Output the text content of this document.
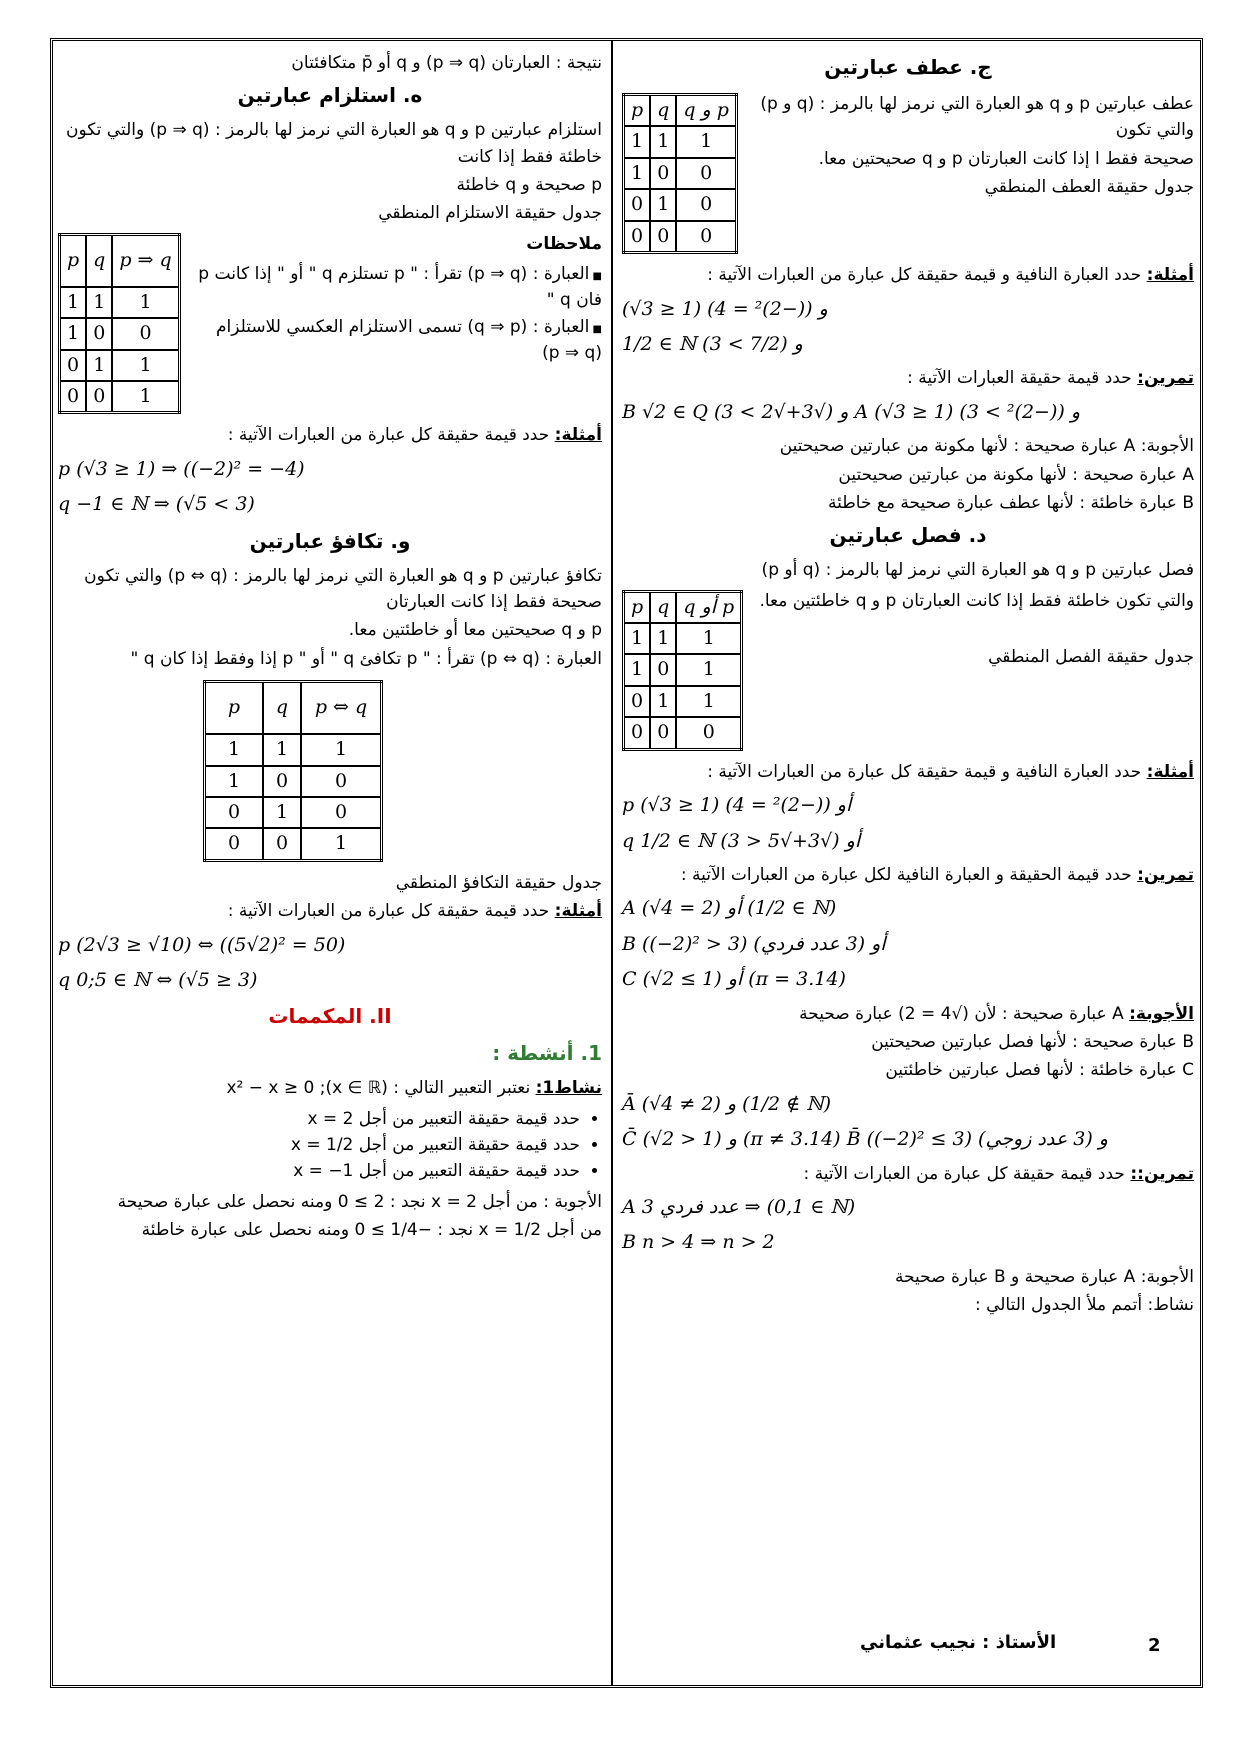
ج. عطف عبارتين
p	q	q و p
1	1	1
1	0	0
0	1	0
0	0	0

عطف عبارتين p و q هو العبارة التي نرمز لها بالرمز : (q و p) والتي تكون

صحيحة فقط ا إذا كانت العبارتان p و q صحيحتين معا.

جدول حقيقة العطف المنطقي

أمثلة: حدد العبارة النافية و قيمة حقيقة كل عبارة من العبارات الآتية :

(√3 ≥ 1) و ((−2)² = 4)
1/2 ∈ ℕ و (7/2 > 3)

تمرين: حدد قيمة حقيقة العبارات الآتية :

B √2 ∈ Q و (√3+√2 > 3) A (√3 ≥ 1) و ((−2)² > 3)

الأجوبة: A عبارة صحيحة : لأنها مكونة من عبارتين صحيحتين

A عبارة صحيحة : لأنها مكونة من عبارتين صحيحتين

B عبارة خاطئة : لأنها عطف عبارة صحيحة مع خاطئة

د. فصل عبارتين

فصل عبارتين p و q هو العبارة التي نرمز لها بالرمز : (q أو p)

p	q	q أو p
1	1	1
1	0	1
0	1	1
0	0	0

والتي تكون خاطئة فقط إذا كانت العبارتان p و q خاطئتين معا.

جدول حقيقة الفصل المنطقي

أمثلة: حدد العبارة النافية و قيمة حقيقة كل عبارة من العبارات الآتية :

p (√3 ≥ 1) أو ((−2)² = 4)
q 1/2 ∈ ℕ أو (√3+√5 < 3)

تمرين: حدد قيمة الحقيقة و العبارة النافية لكل عبارة من العبارات الآتية :

A (√4 = 2) أو (1/2 ∈ ℕ)
B ((−2)² > 3) أو (3 عدد فردي)
C (√2 ≤ 1) أو (π = 3.14)

الأجوبة: A عبارة صحيحة : لأن (√4 = 2) عبارة صحيحة

B عبارة صحيحة : لأنها فصل عبارتين صحيحتين

C عبارة خاطئة : لأنها فصل عبارتين خاطئتين

Ā (√4 ≠ 2) و (1/2 ∉ ℕ)
C̄ (√2 > 1) و (π ≠ 3.14) B̄ ((−2)² ≤ 3) و (3 عدد زوجي)

تمرين:: حدد قيمة حقيقة كل عبارة من العبارات الآتية :

A 3 عدد فردي ⇒ (0,1 ∈ ℕ)
B n > 4 ⇒ n > 2

الأجوبة: A عبارة صحيحة و B عبارة صحيحة

نشاط: أتمم ملأ الجدول التالي :

نتيجة : العبارتان (p ⇒ q) و q أو p̄ متكافئتان

ه. استلزام عبارتين

استلزام عبارتين p و q هو العبارة التي نرمز لها بالرمز : (p ⇒ q) والتي تكون خاطئة فقط إذا كانت

p صحيحة و q خاطئة

جدول حقيقة الاستلزام المنطقي

p	q	p ⇒ q
1	1	1
1	0	0
0	1	1
0	0	1

ملاحظات

■ العبارة : (p ⇒ q) تقرأ : " p تستلزم q " أو " إذا كانت p فان q "
■ العبارة : (q ⇒ p) تسمى الاستلزام العكسي للاستلزام (p ⇒ q)

أمثلة: حدد قيمة حقيقة كل عبارة من العبارات الآتية :

p (√3 ≥ 1) ⇒ ((−2)² = −4)
q −1 ∈ ℕ ⇒ (√5 < 3)
و. تكافؤ عبارتين

تكافؤ عبارتين p و q هو العبارة التي نرمز لها بالرمز : (p ⇔ q) والتي تكون صحيحة فقط إذا كانت العبارتان

p و q صحيحتين معا أو خاطئتين معا.

العبارة : (p ⇔ q) تقرأ : " p تكافئ q " أو " p إذا وفقط إذا كان q "

p	q	p ⇔ q
1	1	1
1	0	0
0	1	0
0	0	1

جدول حقيقة التكافؤ المنطقي

أمثلة: حدد قيمة حقيقة كل عبارة من العبارات الآتية :

p (2√3 ≥ √10) ⇔ ((5√2)² = 50)
q 0;5 ∈ ℕ ⇔ (√5 ≥ 3)
II. المكممات
1. أنشطة :

نشاط1: نعتبر التعبير التالي : (x ∈ ℝ); x² − x ≥ 0

• حدد قيمة حقيقة التعبير من أجل x = 2
• حدد قيمة حقيقة التعبير من أجل x = 1/2
• حدد قيمة حقيقة التعبير من أجل x = −1

الأجوبة : من أجل x = 2 نجد : 2 ≥ 0 ومنه نحصل على عبارة صحيحة

من أجل x = 1/2 نجد : −1/4 ≥ 0 ومنه نحصل على عبارة خاطئة

2
الأستاذ : نجيب عثماني
